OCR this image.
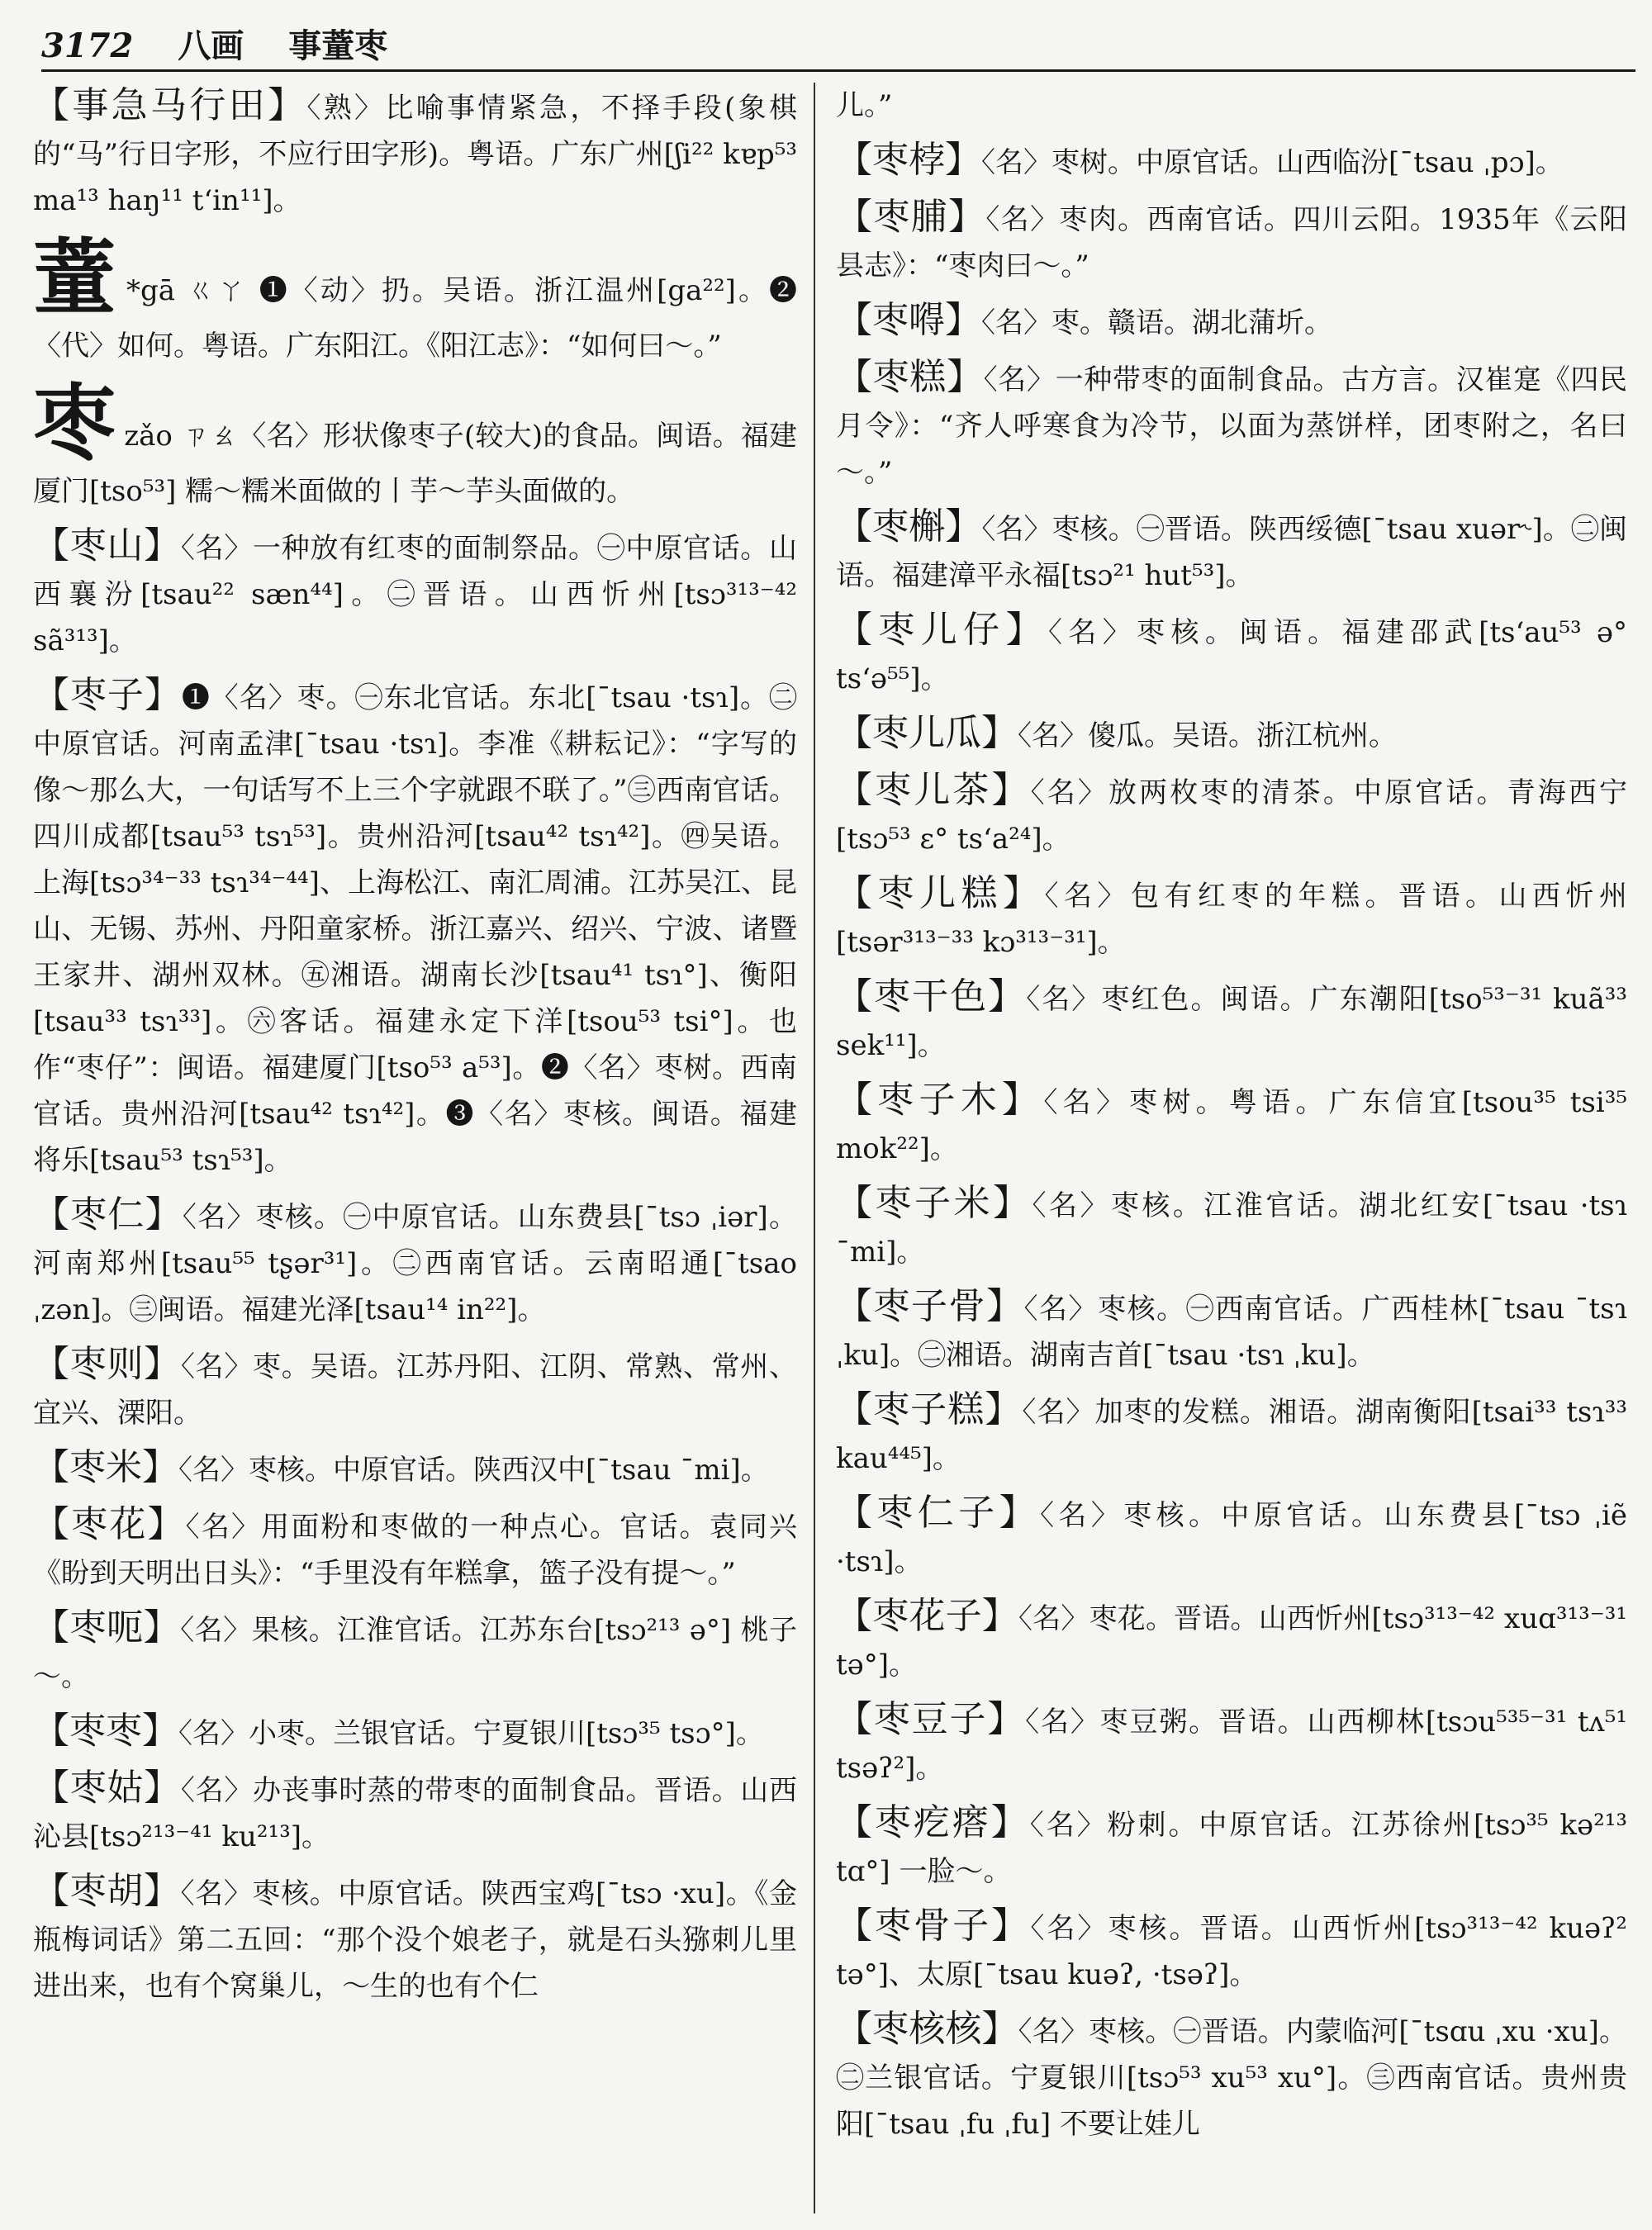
3172 八画 事蕫枣
【事急马行田】〈熟〉比喻事情紧急，不择手段(象棋的“马”行日字形，不应行田字形)。粤语。广东广州[ʃi²² kɐp⁵³ ma¹³ haŋ¹¹ tʻin¹¹]。
蕫 *gā ㄍㄚ ❶〈动〉扔。吴语。浙江温州[ga²²]。❷〈代〉如何。粤语。广东阳江。《阳江志》：“如何曰～。”
枣zǎo ㄗㄠ〈名〉形状像枣子(较大)的食品。闽语。福建厦门[tso⁵³] 糯～糯米面做的丨芋～芋头面做的。
【枣山】〈名〉一种放有红枣的面制祭品。㊀中原官话。山西襄汾[tsau²² sæn⁴⁴]。㊁晋语。山西忻州[tsɔ³¹³⁻⁴² sã³¹³]。
【枣子】❶〈名〉枣。㊀东北官话。东北[ˉtsau ·tsɿ]。㊁中原官话。河南孟津[ˉtsau ·tsɿ]。李准《耕耘记》：“字写的像～那么大，一句话写不上三个字就跟不联了。”㊂西南官话。四川成都[tsau⁵³ tsɿ⁵³]。贵州沿河[tsau⁴² tsɿ⁴²]。㊃吴语。上海[tsɔ³⁴⁻³³ tsɿ³⁴⁻⁴⁴]、上海松江、南汇周浦。江苏吴江、昆山、无锡、苏州、丹阳童家桥。浙江嘉兴、绍兴、宁波、诸暨王家井、湖州双林。㊄湘语。湖南长沙[tsau⁴¹ tsɿ°]、衡阳[tsau³³ tsɿ³³]。㊅客话。福建永定下洋[tsou⁵³ tsi°]。也作“枣仔”：闽语。福建厦门[tso⁵³ a⁵³]。❷〈名〉枣树。西南官话。贵州沿河[tsau⁴² tsɿ⁴²]。❸〈名〉枣核。闽语。福建将乐[tsau⁵³ tsɿ⁵³]。
【枣仁】〈名〉枣核。㊀中原官话。山东费县[ˉtsɔ ˌiər]。河南郑州[tsau⁵⁵ tʂər³¹]。㊁西南官话。云南昭通[ˉtsao ˌzən]。㊂闽语。福建光泽[tsau¹⁴ in²²]。
【枣则】〈名〉枣。吴语。江苏丹阳、江阴、常熟、常州、宜兴、溧阳。
【枣米】〈名〉枣核。中原官话。陕西汉中[ˉtsau ˉmi]。
【枣花】〈名〉用面粉和枣做的一种点心。官话。袁同兴《盼到天明出日头》：“手里没有年糕拿，篮子没有提～。”
【枣呃】〈名〉果核。江淮官话。江苏东台[tsɔ²¹³ ə°] 桃子～。
【枣枣】〈名〉小枣。兰银官话。宁夏银川[tsɔ³⁵ tsɔ°]。
【枣姑】〈名〉办丧事时蒸的带枣的面制食品。晋语。山西沁县[tsɔ²¹³⁻⁴¹ ku²¹³]。
【枣胡】〈名〉枣核。中原官话。陕西宝鸡[ˉtsɔ ·xu]。《金瓶梅词话》第二五回：“那个没个娘老子，就是石头猕刺儿里进出来，也有个窝巢儿，～生的也有个仁
儿。”
【枣桲】〈名〉枣树。中原官话。山西临汾[ˉtsau ˌpɔ]。
【枣脯】〈名〉枣肉。西南官话。四川云阳。1935年《云阳县志》：“枣肉曰～。”
【枣嘚】〈名〉枣。赣语。湖北蒲圻。
【枣糕】〈名〉一种带枣的面制食品。古方言。汉崔寔《四民月令》：“齐人呼寒食为冷节，以面为蒸饼样，团枣附之，名曰～。”
【枣槲】〈名〉枣核。㊀晋语。陕西绥德[ˉtsau xuər˞]。㊁闽语。福建漳平永福[tsɔ²¹ hut⁵³]。
【枣儿仔】〈名〉枣核。闽语。福建邵武[tsʻau⁵³ ə° tsʻə⁵⁵]。
【枣儿瓜】〈名〉傻瓜。吴语。浙江杭州。
【枣儿茶】〈名〉放两枚枣的清茶。中原官话。青海西宁[tsɔ⁵³ ɛ° tsʻa²⁴]。
【枣儿糕】〈名〉包有红枣的年糕。晋语。山西忻州[tsər³¹³⁻³³ kɔ³¹³⁻³¹]。
【枣干色】〈名〉枣红色。闽语。广东潮阳[tso⁵³⁻³¹ kuã³³ sek¹¹]。
【枣子木】〈名〉枣树。粤语。广东信宜[tsou³⁵ tsi³⁵ mok²²]。
【枣子米】〈名〉枣核。江淮官话。湖北红安[ˉtsau ·tsɿ ˉmi]。
【枣子骨】〈名〉枣核。㊀西南官话。广西桂林[ˉtsau ˉtsɿ ˌku]。㊁湘语。湖南吉首[ˉtsau ·tsɿ ˌku]。
【枣子糕】〈名〉加枣的发糕。湘语。湖南衡阳[tsai³³ tsɿ³³ kau⁴⁴⁵]。
【枣仁子】〈名〉枣核。中原官话。山东费县[ˉtsɔ ˌiẽ ·tsɿ]。
【枣花子】〈名〉枣花。晋语。山西忻州[tsɔ³¹³⁻⁴² xuɑ³¹³⁻³¹ tə°]。
【枣豆子】〈名〉枣豆粥。晋语。山西柳林[tsɔu⁵³⁵⁻³¹ tʌ⁵¹ tsəʔ²]。
【枣疙瘩】〈名〉粉刺。中原官话。江苏徐州[tsɔ³⁵ kə²¹³ tɑ°] 一脸～。
【枣骨子】〈名〉枣核。晋语。山西忻州[tsɔ³¹³⁻⁴² kuəʔ² tə°]、太原[ˉtsau kuəʔ, ·tsəʔ]。
【枣核核】〈名〉枣核。㊀晋语。内蒙临河[ˉtsɑu ˌxu ·xu]。㊁兰银官话。宁夏银川[tsɔ⁵³ xu⁵³ xu°]。㊂西南官话。贵州贵阳[ˉtsau ˌfu ˌfu] 不要让娃儿
